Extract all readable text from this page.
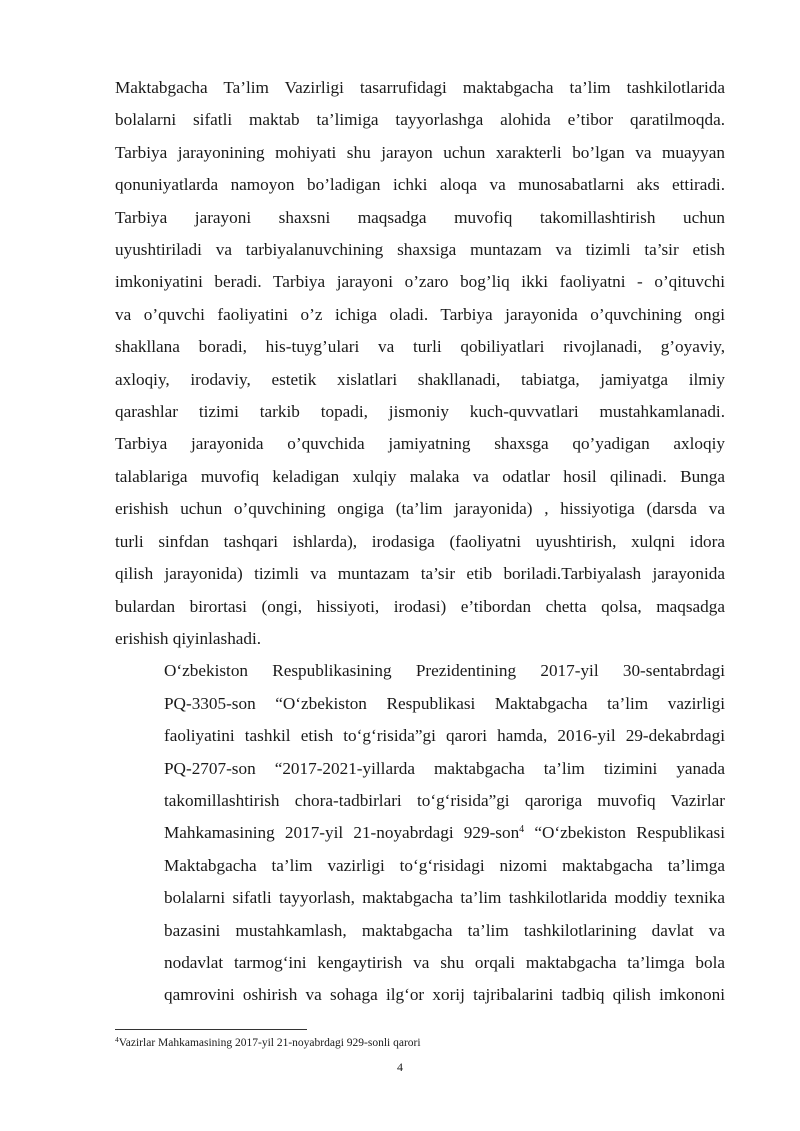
Maktabgacha Ta’lim Vazirligi tasarrufidagi maktabgacha ta’lim tashkilotlarida
bolalarni sifatli maktab ta’limiga tayyorlashga alohida e’tibor qaratilmoqda.
Tarbiya jarayonining mohiyati shu jarayon uchun xarakterli bo’lgan va muayyan
qonuniyatlarda namoyon bo’ladigan ichki aloqa va munosabatlarni aks ettiradi.
Tarbiya jarayoni shaxsni maqsadga muvofiq takomillashtirish uchun
uyushtiriladi va tarbiyalanuvchining shaxsiga muntazam va tizimli ta’sir etish
imkoniyatini beradi. Tarbiya jarayoni o’zaro bog’liq ikki faoliyatni - o’qituvchi
va o’quvchi faoliyatini o’z ichiga oladi. Tarbiya jarayonida o’quvchining ongi
shakllana boradi, his-tuyg’ulari va turli qobiliyatlari rivojlanadi, g’oyaviy,
axloqiy, irodaviy, estetik xislatlari shakllanadi, tabiatga, jamiyatga ilmiy
qarashlar tizimi tarkib topadi, jismoniy kuch-quvvatlari mustahkamlanadi.
Tarbiya jarayonida o’quvchida jamiyatning shaxsga qo’yadigan axloqiy
talablariga muvofiq keladigan xulqiy malaka va odatlar hosil qilinadi. Bunga
erishish uchun o’quvchining ongiga (ta’lim jarayonida) , hissiyotiga (darsda va
turli sinfdan tashqari ishlarda), irodasiga (faoliyatni uyushtirish, xulqni idora
qilish jarayonida) tizimli va muntazam ta’sir etib boriladi.Tarbiyalash jarayonida
bulardan birortasi (ongi, hissiyoti, irodasi) e’tibordan chetta qolsa, maqsadga
erishish qiyinlashadi.

O‘zbekiston Respublikasining Prezidentining 2017-yil 30-sentabrdagi
PQ-3305-son “O‘zbekiston Respublikasi Maktabgacha ta’lim vazirligi
faoliyatini tashkil etish to‘g‘risida”gi qarori hamda, 2016-yil 29-dekabrdagi
PQ-2707-son “2017-2021-yillarda maktabgacha ta’lim tizimini yanada
takomillashtirish chora-tadbirlari to‘g‘risida”gi qaroriga muvofiq Vazirlar
Mahkamasining 2017-yil 21-noyabrdagi 929-son$^4$ “O‘zbekiston Respublikasi
Maktabgacha ta’lim vazirligi to‘g‘risidagi nizomi maktabgacha ta’limga
bolalarni sifatli tayyorlash, maktabgacha ta’lim tashkilotlarida moddiy texnika
bazasini mustahkamlash, maktabgacha ta’lim tashkilotlarining davlat va
nodavlat tarmog‘ini kengaytirish va shu orqali maktabgacha ta’limga bola
qamrovini oshirish va sohaga ilg‘or xorij tajribalarini tadbiq qilish imkononi

$^4$Vazirlar Mahkamasining 2017-yil 21-noyabrdagi 929-sonli qarori
4
